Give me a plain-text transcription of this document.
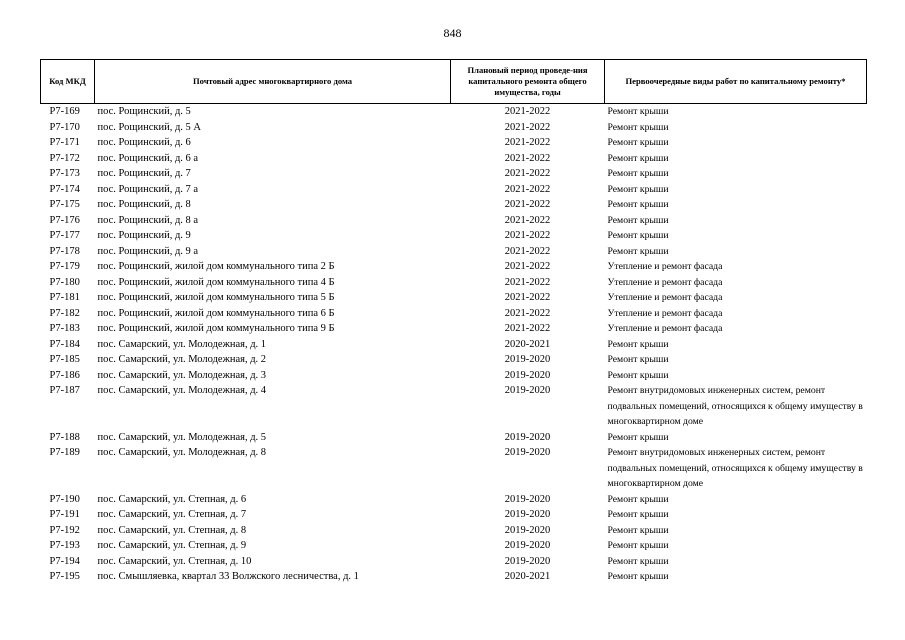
848
Код МКД	Почтовый адрес многоквартирного дома	Плановый период проведе-ния капитального ремонта общего имущества, годы	Первоочередные виды работ по капитальному ремонту*
Р7-169	пос. Рощинский, д. 5	2021-2022	Ремонт крыши
Р7-170	пос. Рощинский, д. 5 А	2021-2022	Ремонт крыши
Р7-171	пос. Рощинский, д. 6	2021-2022	Ремонт крыши
Р7-172	пос. Рощинский, д. 6 а	2021-2022	Ремонт крыши
Р7-173	пос. Рощинский, д. 7	2021-2022	Ремонт крыши
Р7-174	пос. Рощинский, д. 7 а	2021-2022	Ремонт крыши
Р7-175	пос. Рощинский, д. 8	2021-2022	Ремонт крыши
Р7-176	пос. Рощинский, д. 8 а	2021-2022	Ремонт крыши
Р7-177	пос. Рощинский, д. 9	2021-2022	Ремонт крыши
Р7-178	пос. Рощинский, д. 9 а	2021-2022	Ремонт крыши
Р7-179	пос. Рощинский, жилой дом коммунального типа 2 Б	2021-2022	Утепление и ремонт фасада
Р7-180	пос. Рощинский, жилой дом коммунального типа 4 Б	2021-2022	Утепление и ремонт фасада
Р7-181	пос. Рощинский, жилой дом коммунального типа 5 Б	2021-2022	Утепление и ремонт фасада
Р7-182	пос. Рощинский, жилой дом коммунального типа 6 Б	2021-2022	Утепление и ремонт фасада
Р7-183	пос. Рощинский, жилой дом коммунального типа 9 Б	2021-2022	Утепление и ремонт фасада
Р7-184	пос. Самарский, ул. Молодежная, д. 1	2020-2021	Ремонт крыши
Р7-185	пос. Самарский, ул. Молодежная, д. 2	2019-2020	Ремонт крыши
Р7-186	пос. Самарский, ул. Молодежная, д. 3	2019-2020	Ремонт крыши
Р7-187	пос. Самарский, ул. Молодежная, д. 4	2019-2020	Ремонт внутридомовых инженерных систем, ремонт подвальных помещений, относящихся к общему имуществу в многоквартирном доме
Р7-188	пос. Самарский, ул. Молодежная, д. 5	2019-2020	Ремонт крыши
Р7-189	пос. Самарский, ул. Молодежная, д. 8	2019-2020	Ремонт внутридомовых инженерных систем, ремонт подвальных помещений, относящихся к общему имуществу в многоквартирном доме
Р7-190	пос. Самарский, ул. Степная, д. 6	2019-2020	Ремонт крыши
Р7-191	пос. Самарский, ул. Степная, д. 7	2019-2020	Ремонт крыши
Р7-192	пос. Самарский, ул. Степная, д. 8	2019-2020	Ремонт крыши
Р7-193	пос. Самарский, ул. Степная, д. 9	2019-2020	Ремонт крыши
Р7-194	пос. Самарский, ул. Степная, д. 10	2019-2020	Ремонт крыши
Р7-195	пос. Смышляевка, квартал 33 Волжского лесничества, д. 1	2020-2021	Ремонт крыши
